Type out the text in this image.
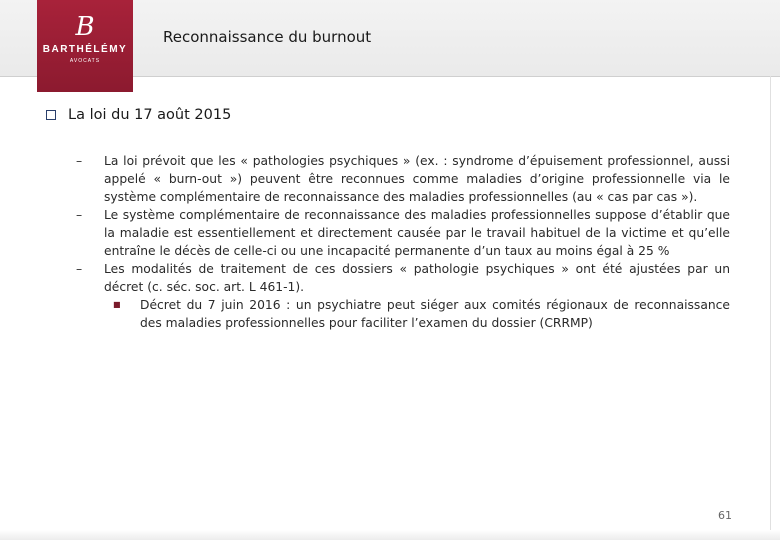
B
BARTHÉLÉMY
AVOCATS
Reconnaissance du burnout
La loi du 17 août 2015
–	La loi prévoit que les « pathologies psychiques » (ex. : syndrome d’épuisement professionnel, aussi appelé « burn-out ») peuvent être reconnues comme maladies d’origine professionnelle via le système complémentaire de reconnaissance des maladies professionnelles (au « cas par cas »).
–	Le système complémentaire de reconnaissance des maladies professionnelles suppose d’établir que la maladie est essentiellement et directement causée par le travail habituel de la victime et qu’elle entraîne le décès de celle-ci ou une incapacité permanente d’un taux au moins égal à 25 %
–	Les modalités de traitement de ces dossiers « pathologie psychiques » ont été ajustées par un décret (c. séc. soc. art. L 461-1).
■	Décret du 7 juin 2016 : un psychiatre peut siéger aux comités régionaux de reconnaissance des maladies professionnelles pour faciliter l’examen du dossier (CRRMP)
61
